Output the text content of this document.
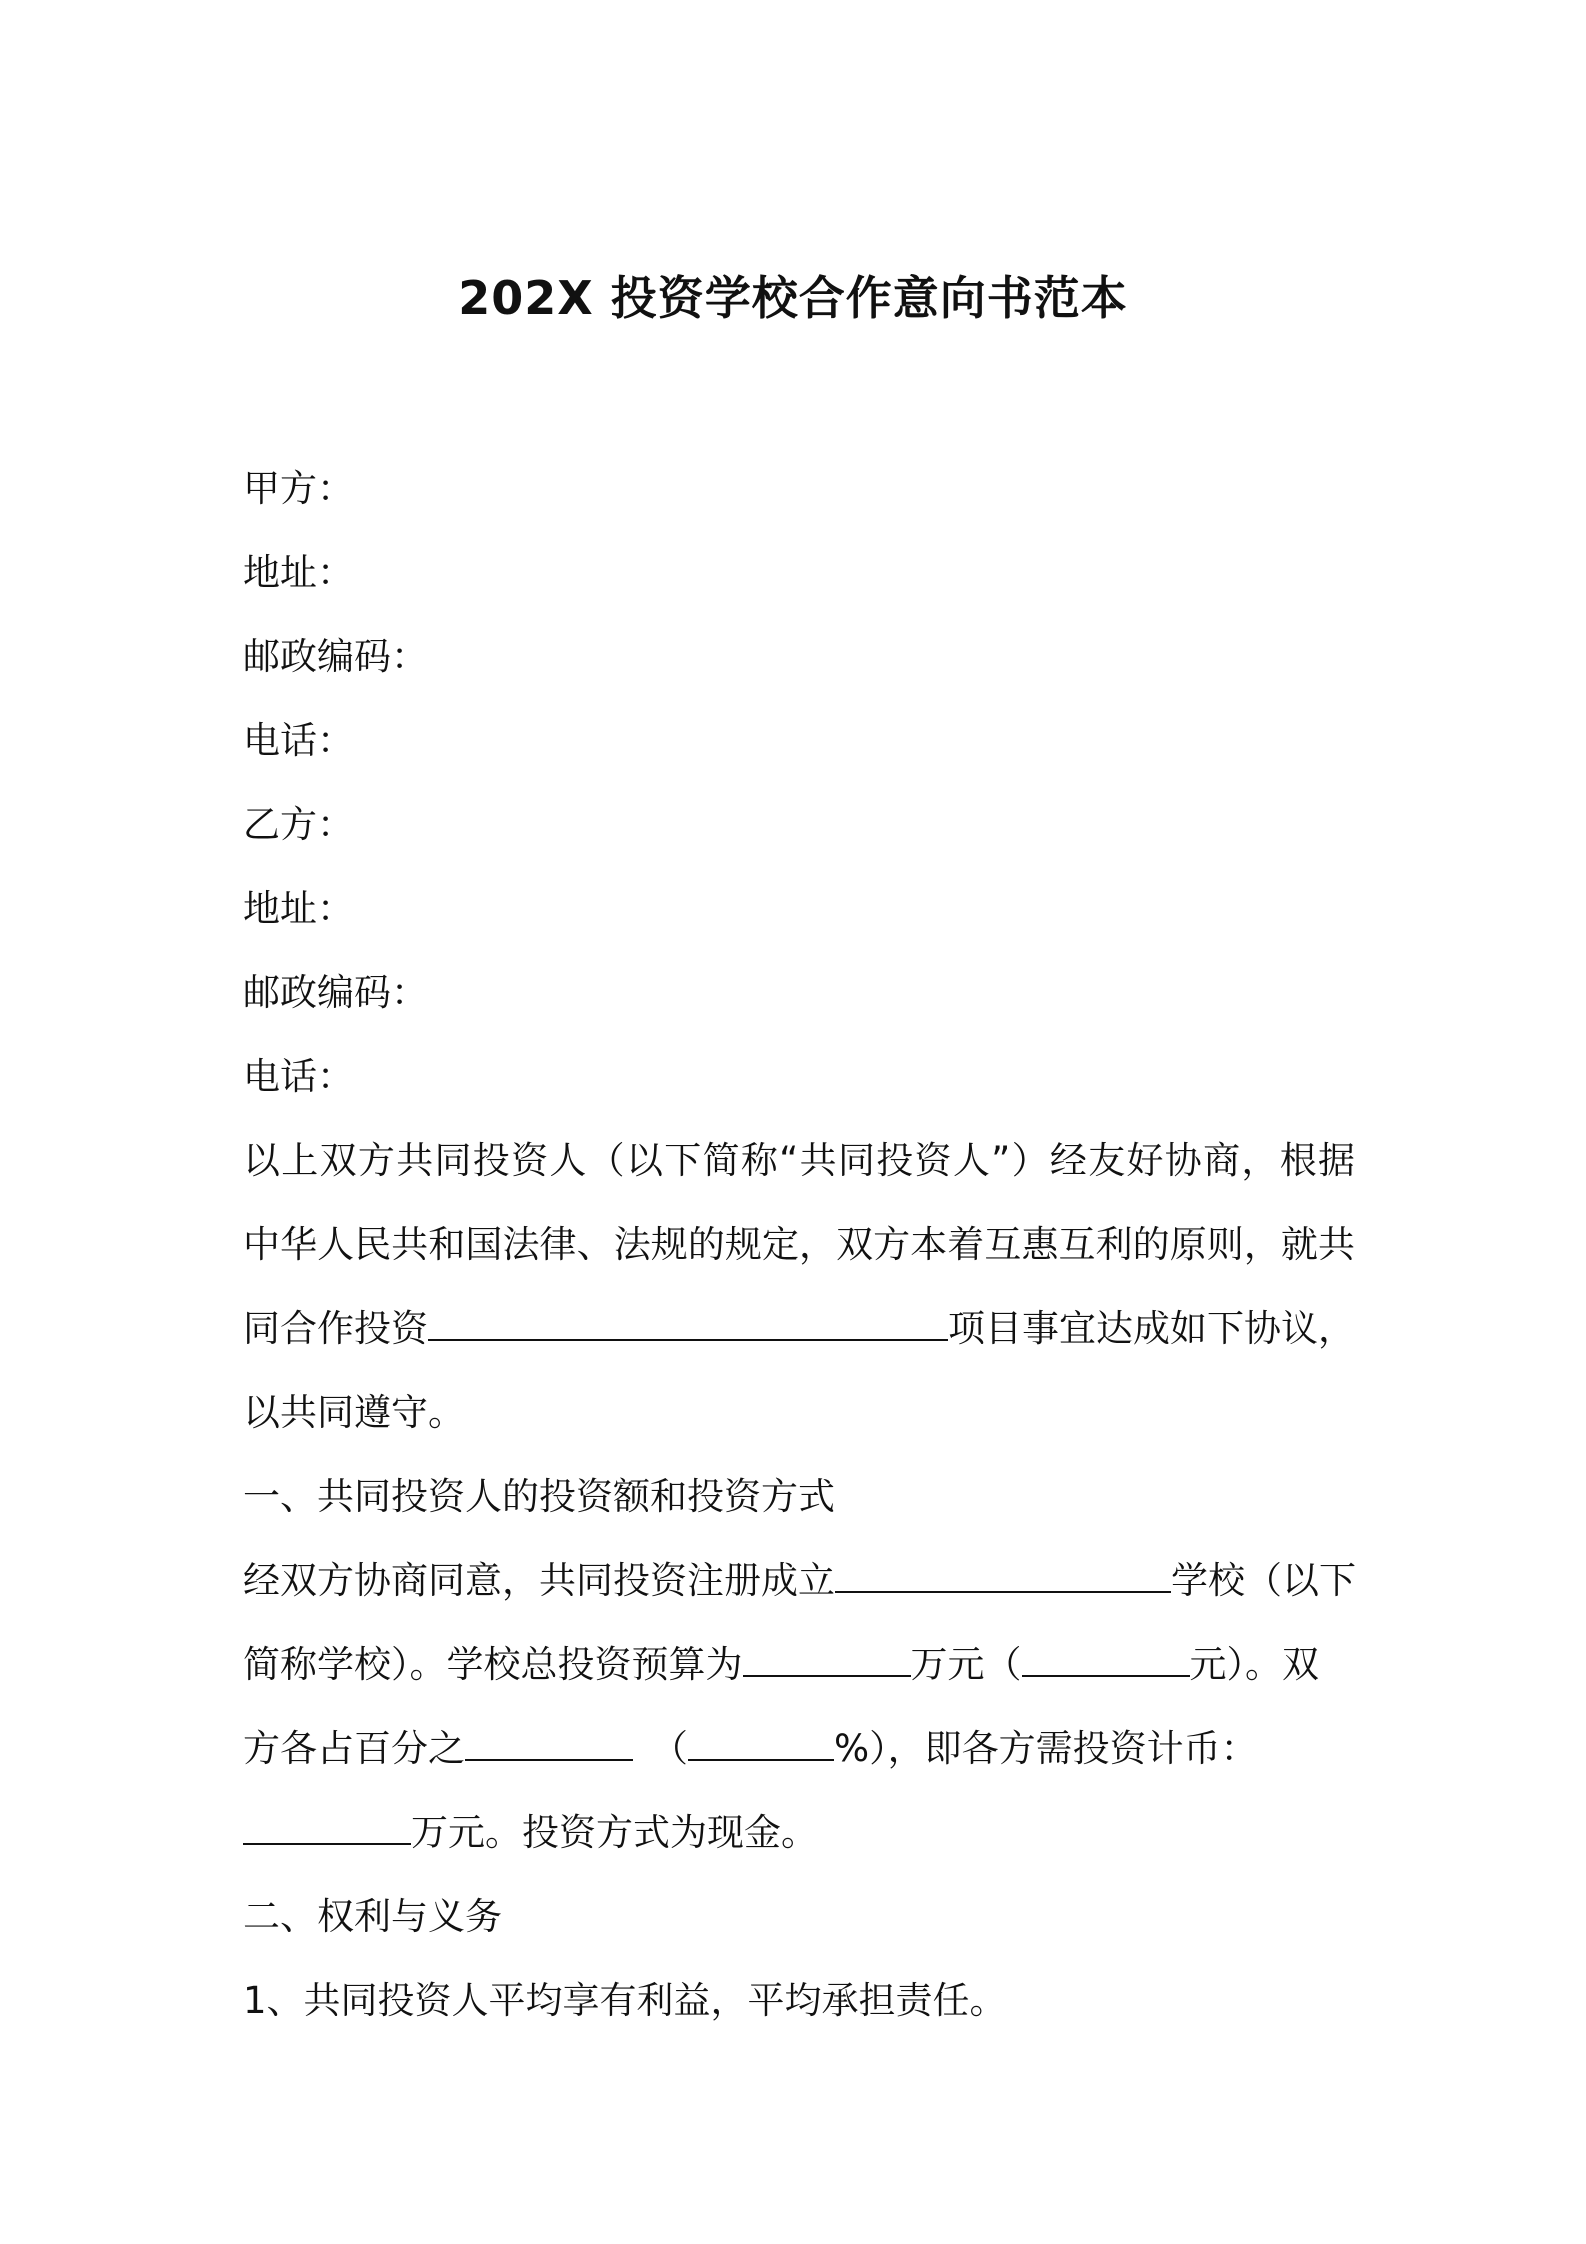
202X 投资学校合作意向书范本
甲方：
地址：
邮政编码：
电话：
乙方：
地址：
邮政编码：
电话：
以上双方共同投资人（以下简称“共同投资人”）经友好协商，根据
中华人民共和国法律、法规的规定，双方本着互惠互利的原则，就共
同合作投资	项目事宜达成如下协议，
以共同遵守。
一、共同投资人的投资额和投资方式
经双方协商同意，共同投资注册成立	学校（以下
简称学校）。学校总投资预算为	万元（	元）。双
方各占百分之	（	%），即各方需投资计币：
万元。投资方式为现金。
二、权利与义务
1、共同投资人平均享有利益，平均承担责任。
